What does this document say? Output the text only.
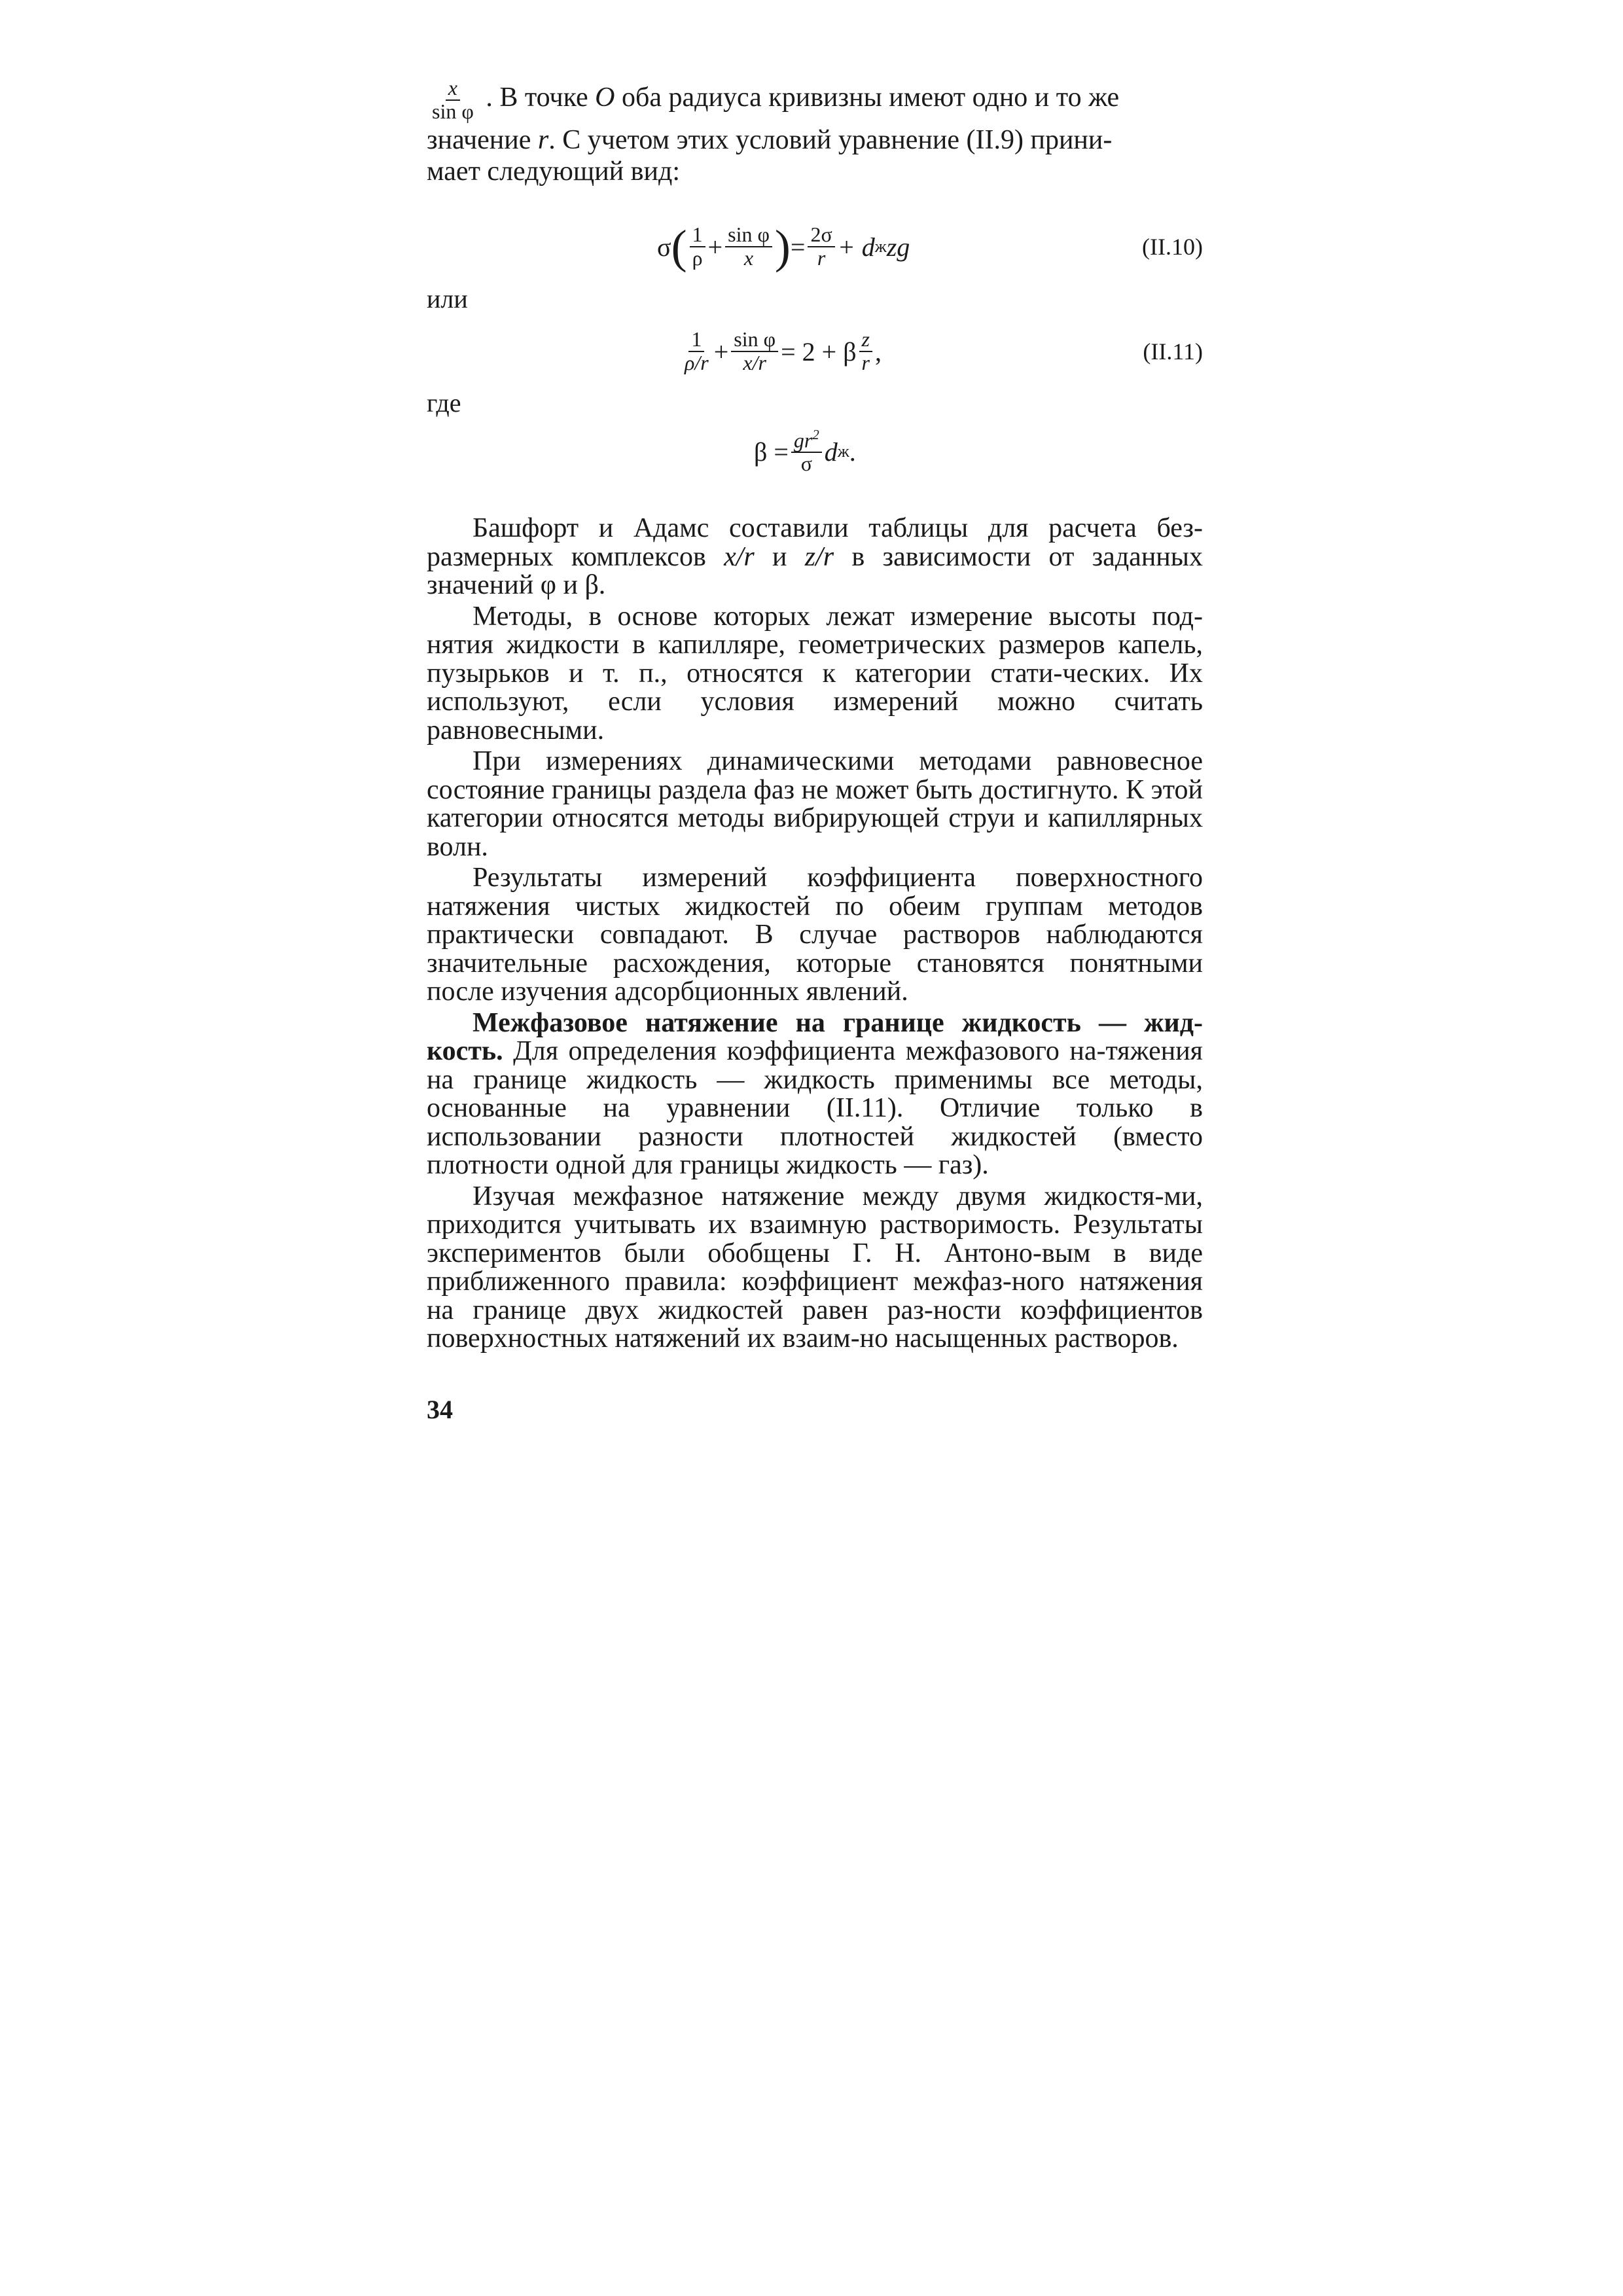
$\frac{x}{\text{sin φ}}$ . В точке O оба радиуса кривизны имеют одно и то же
значение r. С учетом этих условий уравнение (II.9) прини-
мает следующий вид:
σ ( $\frac{1}{\rho} + \frac{\text{sin φ}}{x}$ ) = $\frac{2\sigma}{r} + d$ ж zg	(II.10)
или
$\frac{1}{\rho/r} + \frac{\text{sin φ}}{x/r} = 2 + \beta \frac{z}{r}$ ,	(II.11)
где
$\beta = \frac{gr^2}{\sigma}$ d ж .

Башфорт и Адамс составили таблицы для расчета без-размерных комплексов x/r и z/r в зависимости от заданных значений φ и β.

Методы, в основе которых лежат измерение высоты под-нятия жидкости в капилляре, геометрических размеров капель, пузырьков и т. п., относятся к категории стати-ческих. Их используют, если условия измерений можно считать равновесными.

При измерениях динамическими методами равновесное состояние границы раздела фаз не может быть достигнуто. К этой категории относятся методы вибрирующей струи и капиллярных волн.

Результаты измерений коэффициента поверхностного натяжения чистых жидкостей по обеим группам методов практически совпадают. В случае растворов наблюдаются значительные расхождения, которые становятся понятными после изучения адсорбционных явлений.

Межфазовое натяжение на границе жидкость — жид-кость. Для определения коэффициента межфазового на-тяжения на границе жидкость — жидкость применимы все методы, основанные на уравнении (II.11). Отличие только в использовании разности плотностей жидкостей (вместо плотности одной для границы жидкость — газ).

Изучая межфазное натяжение между двумя жидкостя-ми, приходится учитывать их взаимную растворимость. Результаты экспериментов были обобщены Г. Н. Антоно-вым в виде приближенного правила: коэффициент межфаз-ного натяжения на границе двух жидкостей равен раз-ности коэффициентов поверхностных натяжений их взаим-но насыщенных растворов.

34
